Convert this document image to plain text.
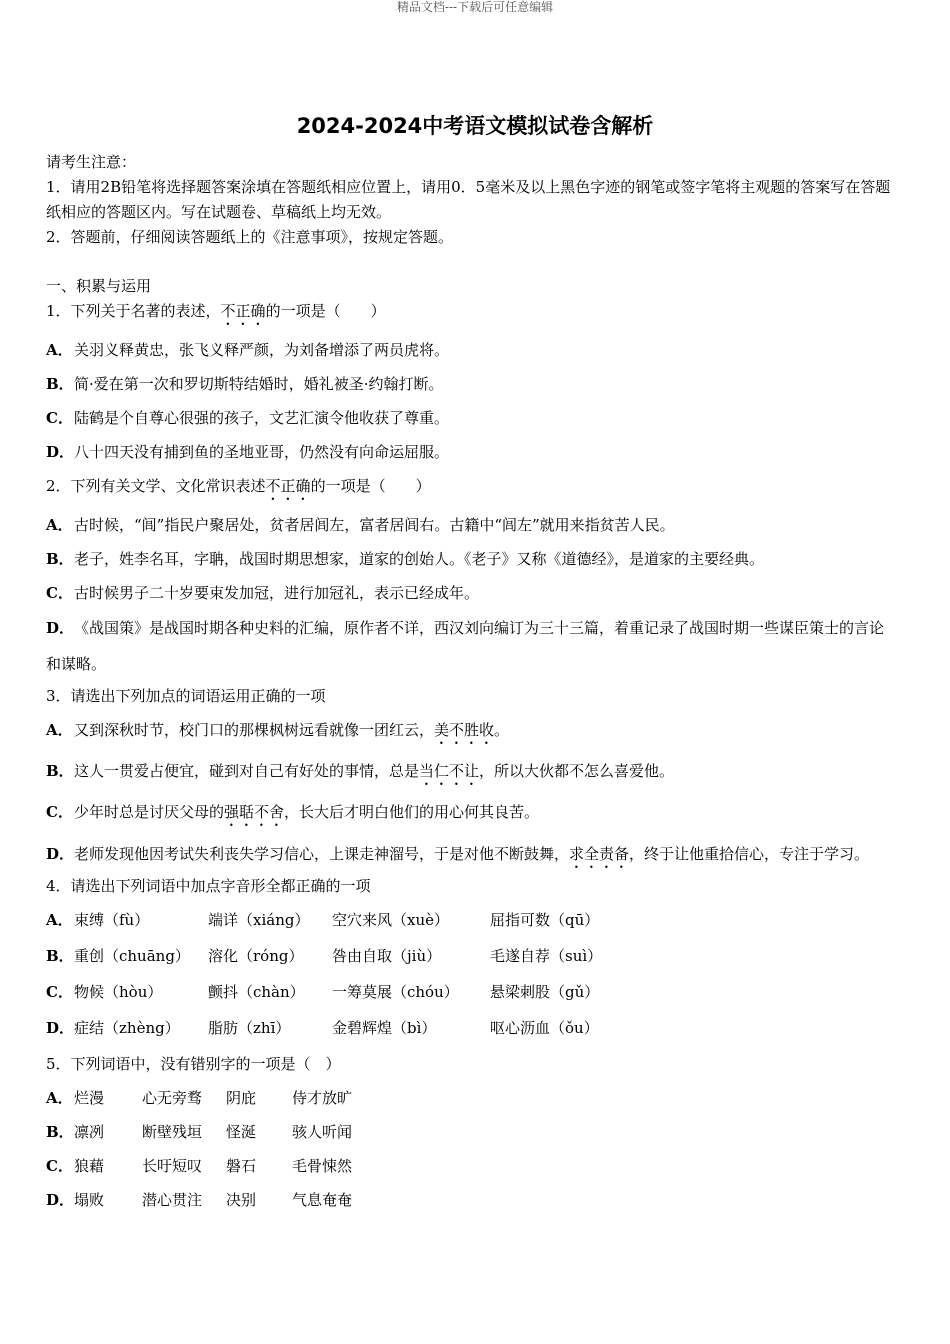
精品文档---下载后可任意编辑
2024-2024中考语文模拟试卷含解析
请考生注意：
1．请用2B铅笔将选择题答案涂填在答题纸相应位置上，请用0．5毫米及以上黑色字迹的钢笔或签字笔将主观题的答案写在答题纸相应的答题区内。写在试题卷、草稿纸上均无效。
2．答题前，仔细阅读答题纸上的《注意事项》，按规定答题。
一、积累与运用
1．下列关于名著的表述，不正确的一项是（　　）
A．关羽义释黄忠，张飞义释严颜，为刘备增添了两员虎将。
B．简·爱在第一次和罗切斯特结婚时，婚礼被圣·约翰打断。
C．陆鹤是个自尊心很强的孩子，文艺汇演令他收获了尊重。
D．八十四天没有捕到鱼的圣地亚哥，仍然没有向命运屈服。
2．下列有关文学、文化常识表述不正确的一项是（　　）
A．古时候，“闾”指民户聚居处，贫者居闾左，富者居闾右。古籍中“闾左”就用来指贫苦人民。
B．老子，姓李名耳，字聃，战国时期思想家，道家的创始人。《老子》又称《道德经》，是道家的主要经典。
C．古时候男子二十岁要束发加冠，进行加冠礼，表示已经成年。
D．《战国策》是战国时期各种史料的汇编，原作者不详，西汉刘向编订为三十三篇，着重记录了战国时期一些谋臣策士的言论和谋略。
3．请选出下列加点的词语运用正确的一项
A．又到深秋时节，校门口的那棵枫树远看就像一团红云，美不胜收。
B．这人一贯爱占便宜，碰到对自己有好处的事情，总是当仁不让，所以大伙都不怎么喜爱他。
C．少年时总是讨厌父母的强聒不舍，长大后才明白他们的用心何其良苦。
D．老师发现他因考试失利丧失学习信心，上课走神溜号，于是对他不断鼓舞，求全责备，终于让他重拾信心，专注于学习。
4．请选出下列词语中加点字音形全都正确的一项
A．束缚（fù）	端详（xiáng） 空穴来风（xuè）	屈指可数（qū）
B．重创（chuāng） 溶化（róng） 咎由自取（jiù）	毛遂自荐（suì）
C．物候（hòu）	颤抖（chàn） 一筹莫展（chóu） 悬梁刺股（gǔ）
D．症结（zhèng） 脂肪（zhī）	金碧辉煌（bì）	呕心沥血（ǒu）
5．下列词语中，没有错别字的一项是（　）
A．烂漫	心无旁骛 阴庇 侍才放旷
B．凛冽	断壁残垣 怪涎 骇人听闻
C．狼藉	长吁短叹 磐石 毛骨悚然
D．塌败	潜心贯注 决别 气息奄奄
